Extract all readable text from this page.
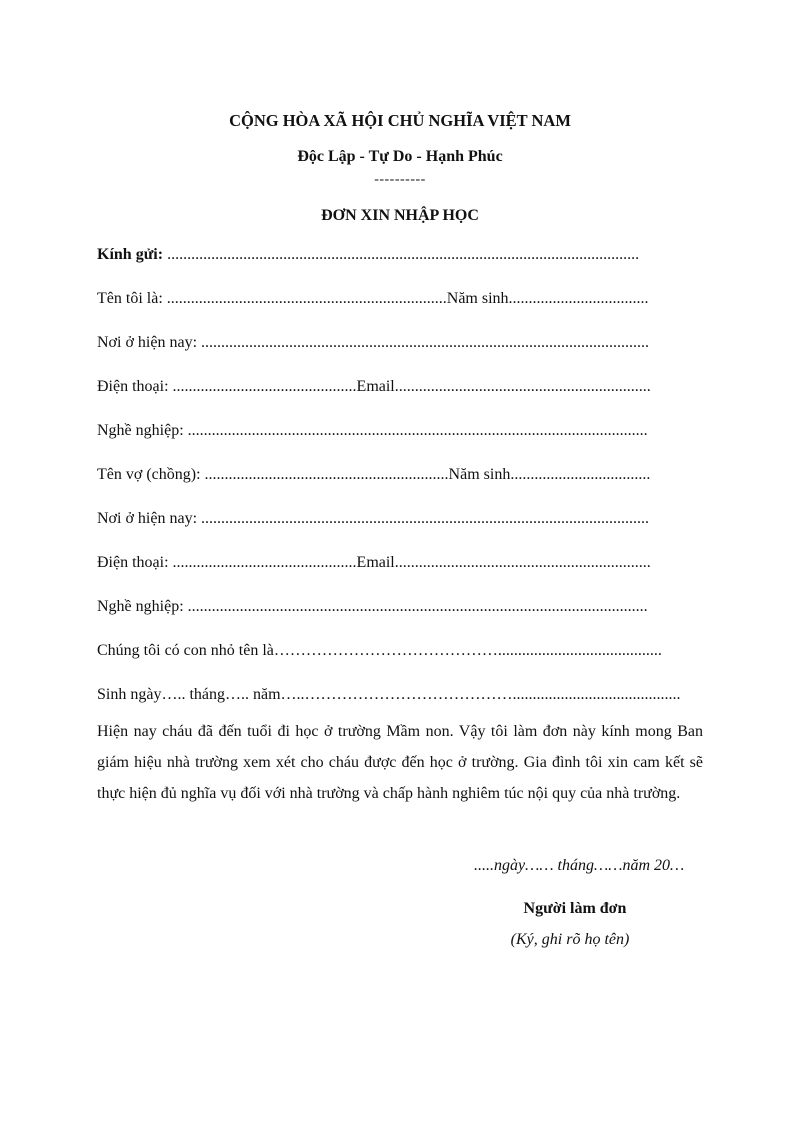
CỘNG HÒA XÃ HỘI CHỦ NGHĨA VIỆT NAM
Độc Lập - Tự Do - Hạnh Phúc
----------
ĐƠN XIN NHẬP HỌC
Kính gửi: ......................................................................................................................
Tên tôi là: ......................................................................Năm sinh...................................
Nơi ở hiện nay: ................................................................................................................
Điện thoại: ..............................................Email................................................................
Nghề nghiệp: ...................................................................................................................
Tên vợ (chồng): .............................................................Năm sinh...................................
Nơi ở hiện nay: ................................................................................................................
Điện thoại: ..............................................Email................................................................
Nghề nghiệp: ...................................................................................................................
Chúng tôi có con nhỏ tên là…………………………………….........................................
Sinh ngày….. tháng….. năm…..…………………………………..........................................
Hiện nay cháu đã đến tuổi đi học ở trường Mầm non. Vậy tôi làm đơn này kính mong Ban giám hiệu nhà trường xem xét cho cháu được đến học ở trường. Gia đình tôi xin cam kết sẽ thực hiện đủ nghĩa vụ đối với nhà trường và chấp hành nghiêm túc nội quy của nhà trường.
.....ngày…… tháng……năm 20…
Người làm đơn
(Ký, ghi rõ họ tên)
